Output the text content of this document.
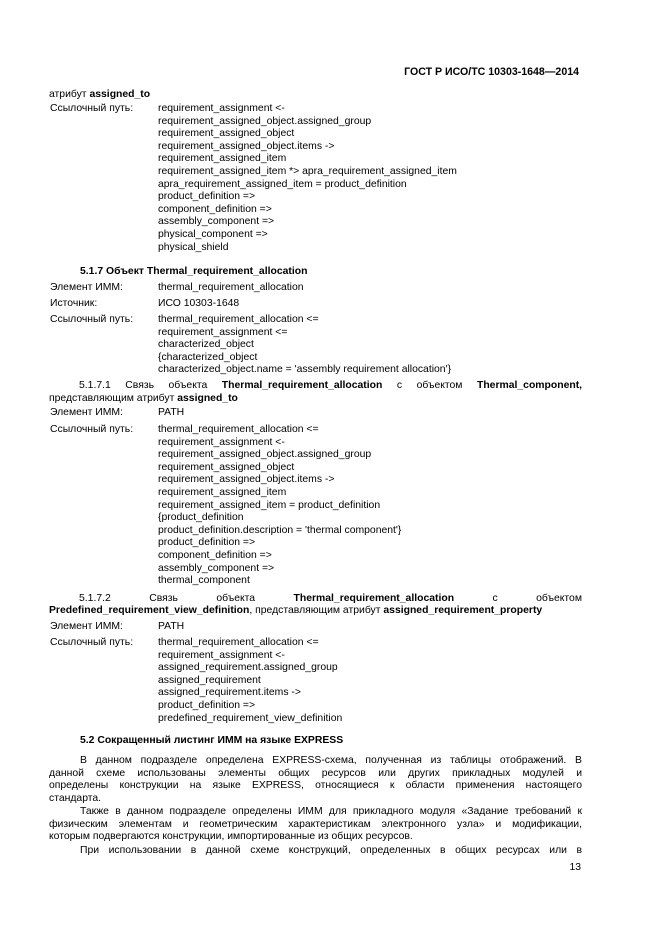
ГОСТ Р ИСО/ТС 10303-1648—2014
атрибут assigned_to
Ссылочный путь: requirement_assignment <-
requirement_assigned_object.assigned_group
requirement_assigned_object
requirement_assigned_object.items ->
requirement_assigned_item
requirement_assigned_item *> apra_requirement_assigned_item
apra_requirement_assigned_item = product_definition
product_definition =>
component_definition =>
assembly_component =>
physical_component =>
physical_shield
5.1.7 Объект Thermal_requirement_allocation
Элемент ИММ:	thermal_requirement_allocation
Источник:	ИСО 10303-1648
Ссылочный путь: thermal_requirement_allocation <=
requirement_assignment <=
characterized_object
{characterized_object
characterized_object.name = 'assembly requirement allocation'}
5.1.7.1 Связь объекта Thermal_requirement_allocation с объектом Thermal_component,
представляющим атрибут assigned_to
Элемент ИММ:	PATH
Ссылочный путь: thermal_requirement_allocation <=
requirement_assignment <-
requirement_assigned_object.assigned_group
requirement_assigned_object
requirement_assigned_object.items ->
requirement_assigned_item
requirement_assigned_item = product_definition
{product_definition
product_definition.description = 'thermal component'}
product_definition =>
component_definition =>
assembly_component =>
thermal_component
5.1.7.2	Связь	объекта	Thermal_requirement_allocation	с	объектом
Predefined_requirement_view_definition, представляющим атрибут assigned_requirement_property
Элемент ИММ:	PATH
Ссылочный путь: thermal_requirement_allocation <=
requirement_assignment <-
assigned_requirement.assigned_group
assigned_requirement
assigned_requirement.items ->
product_definition =>
predefined_requirement_view_definition
5.2 Сокращенный листинг ИММ на языке EXPRESS
В данном подразделе определена EXPRESS-схема, полученная из таблицы отображений. В
данной схеме использованы элементы общих ресурсов или других прикладных модулей и
определены конструкции на языке EXPRESS, относящиеся к области применения настоящего
стандарта.
Также в данном подразделе определены ИММ для прикладного модуля «Задание требований к
физическим элементам и геометрическим характеристикам электронного узла» и модификации,
которым подвергаются конструкции, импортированные из общих ресурсов.
При использовании в данной схеме конструкций, определенных в общих ресурсах или в
13
